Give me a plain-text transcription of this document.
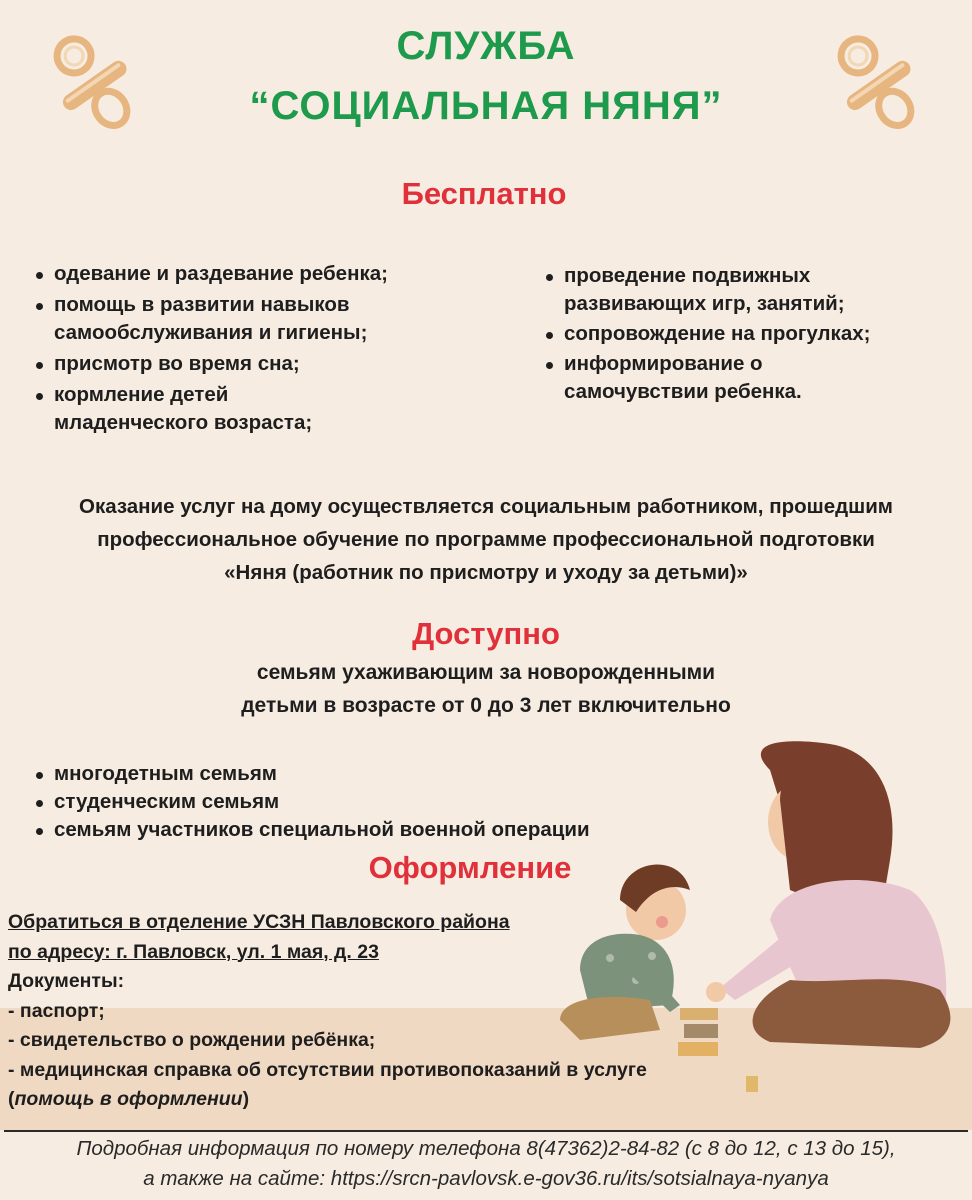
СЛУЖБА
“СОЦИАЛЬНАЯ НЯНЯ”
Бесплатно
одевание и раздевание ребенка;
помощь в развитии навыков самообслуживания и гигиены;
присмотр во время сна;
кормление детей младенческого возраста;
проведение подвижных развивающих игр, занятий;
сопровождение на прогулках;
информирование о самочувствии ребенка.
Оказание услуг на дому осуществляется социальным работником, прошедшим
профессиональное обучение по программе профессиональной подготовки
«Няня (работник по присмотру и уходу за детьми)»
Доступно
семьям ухаживающим за новорожденными
детьми в возрасте от 0 до 3 лет включительно
многодетным семьям
студенческим семьям
семьям участников специальной военной операции
Оформление
Обратиться в отделение УСЗН Павловского района
по адресу: г. Павловск, ул. 1 мая, д. 23
Документы:
- паспорт;
- свидетельство о рождении ребёнка;
- медицинская справка об отсутствии противопоказаний в услуге
(помощь в оформлении)
Подробная информация по номеру телефона 8(47362)2-84-82 (с 8 до 12, с 13 до 15),
а также на сайте: https://srcn-pavlovsk.e-gov36.ru/its/sotsialnaya-nyanya
